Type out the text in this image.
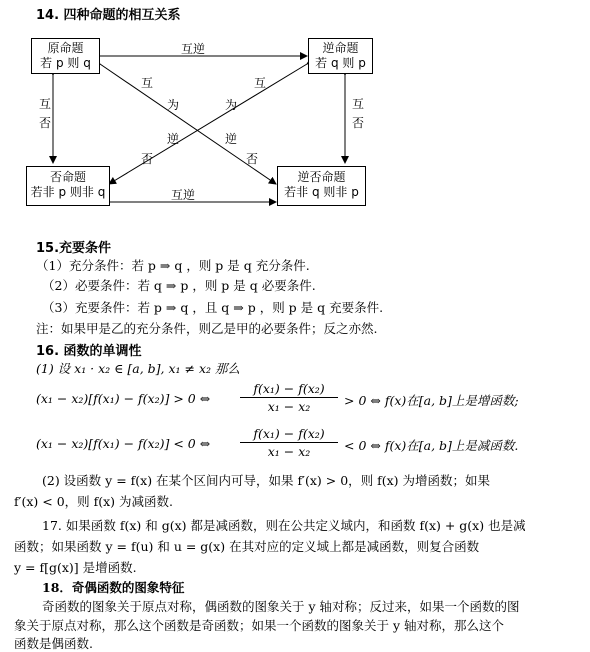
14. 四种命题的相互关系
原命题
若 p 则 q
逆命题
若 q 则 p
否命题
若非 p 则非 q
逆否命题
若非 q 则非 p
互逆
互逆
互
否
互
否
互	互
为	为
逆	逆
否	否
15.充要条件
（1）充分条件：若 p ⇒ q ，则 p 是 q 充分条件.
（2）必要条件：若 q ⇒ p ，则 p 是 q 必要条件.
（3）充要条件：若 p ⇒ q ，且 q ⇒ p ，则 p 是 q 充要条件.
注：如果甲是乙的充分条件，则乙是甲的必要条件；反之亦然.
16. 函数的单调性
(1) 设 x₁ · x₂ ∈ [a, b], x₁ ≠ x₂ 那么
(x₁ − x₂)[f(x₁) − f(x₂)] > 0 ⇔
f(x₁) − f(x₂)
x₁ − x₂	> 0 ⇔ f(x)在[a, b]上是增函数;
(x₁ − x₂)[f(x₁) − f(x₂)] < 0 ⇔
f(x₁) − f(x₂)
x₁ − x₂	< 0 ⇔ f(x)在[a, b]上是减函数.
(2) 设函数 y = f(x) 在某个区间内可导，如果 f′(x) > 0，则 f(x) 为增函数；如果
f′(x) < 0，则 f(x) 为减函数.
17. 如果函数 f(x) 和 g(x) 都是减函数，则在公共定义域内，和函数 f(x) + g(x) 也是减
函数；如果函数 y = f(u) 和 u = g(x) 在其对应的定义域上都是减函数，则复合函数
y = f[g(x)] 是增函数.
18．奇偶函数的图象特征
奇函数的图象关于原点对称，偶函数的图象关于 y 轴对称；反过来，如果一个函数的图
象关于原点对称，那么这个函数是奇函数；如果一个函数的图象关于 y 轴对称，那么这个
函数是偶函数.
